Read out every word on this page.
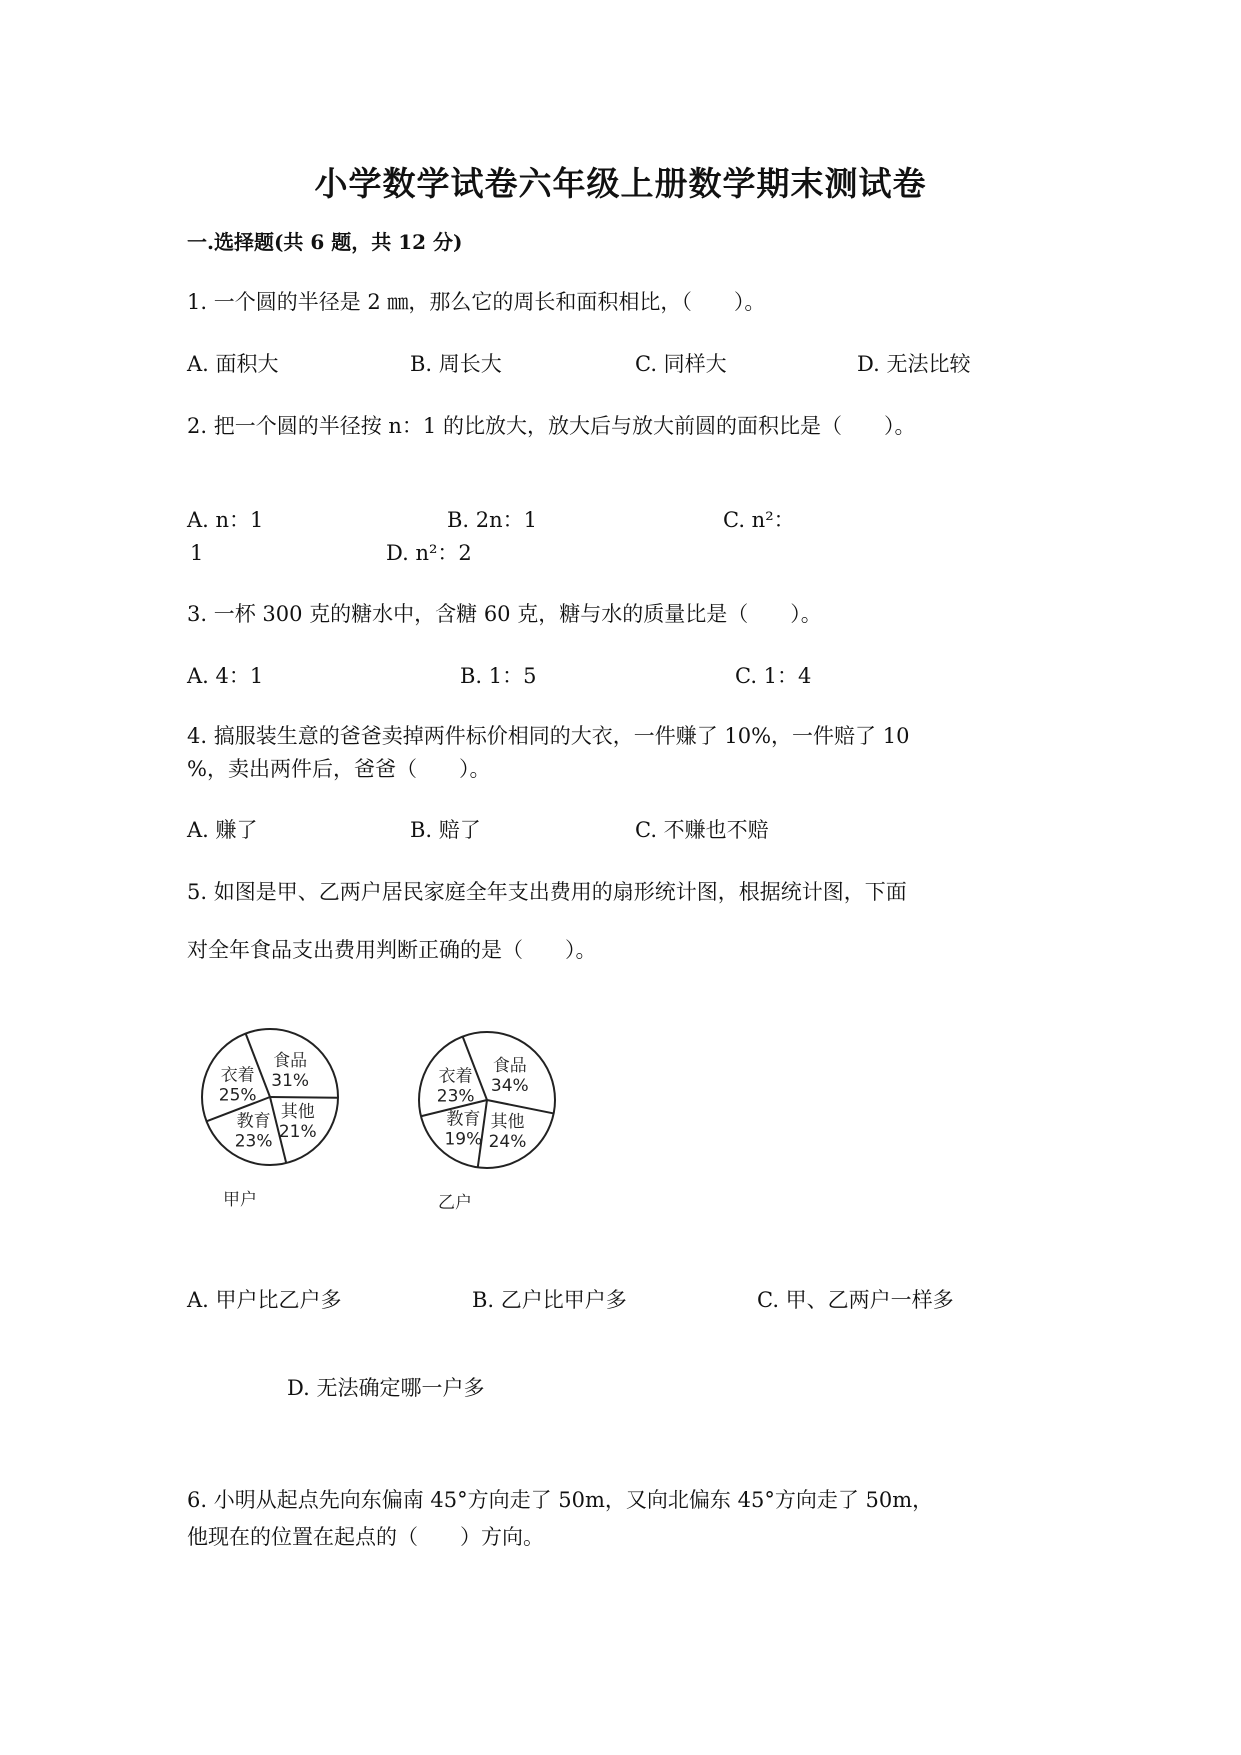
小学数学试卷六年级上册数学期末测试卷
一.选择题(共 6 题，共 12 分)
1. 一个圆的半径是 2 ㎜，那么它的周长和面积相比，（　　）。
A. 面积大	B. 周长大	C. 同样大	D. 无法比较
2. 把一个圆的半径按 n：1 的比放大，放大后与放大前圆的面积比是（　　）。
A. n：1	B. 2n：1	C. n²：
1	D. n²：2
3. 一杯 300 克的糖水中，含糖 60 克，糖与水的质量比是（　　）。
A. 4：1	B. 1：5	C. 1：4
4. 搞服装生意的爸爸卖掉两件标价相同的大衣，一件赚了 10%，一件赔了 10
%，卖出两件后，爸爸（　　）。
A. 赚了	B. 赔了	C. 不赚也不赔
5. 如图是甲、乙两户居民家庭全年支出费用的扇形统计图，根据统计图，下面
对全年食品支出费用判断正确的是（　　）。
食品
31%
其他
21%
教育
23%
衣着
25%
甲户
食品
34%
其他
24%
教育
19%
衣着
23%
乙户
A. 甲户比乙户多	B. 乙户比甲户多	C. 甲、乙两户一样多
D. 无法确定哪一户多
6. 小明从起点先向东偏南 45°方向走了 50m，又向北偏东 45°方向走了 50m，
他现在的位置在起点的（　　）方向。
